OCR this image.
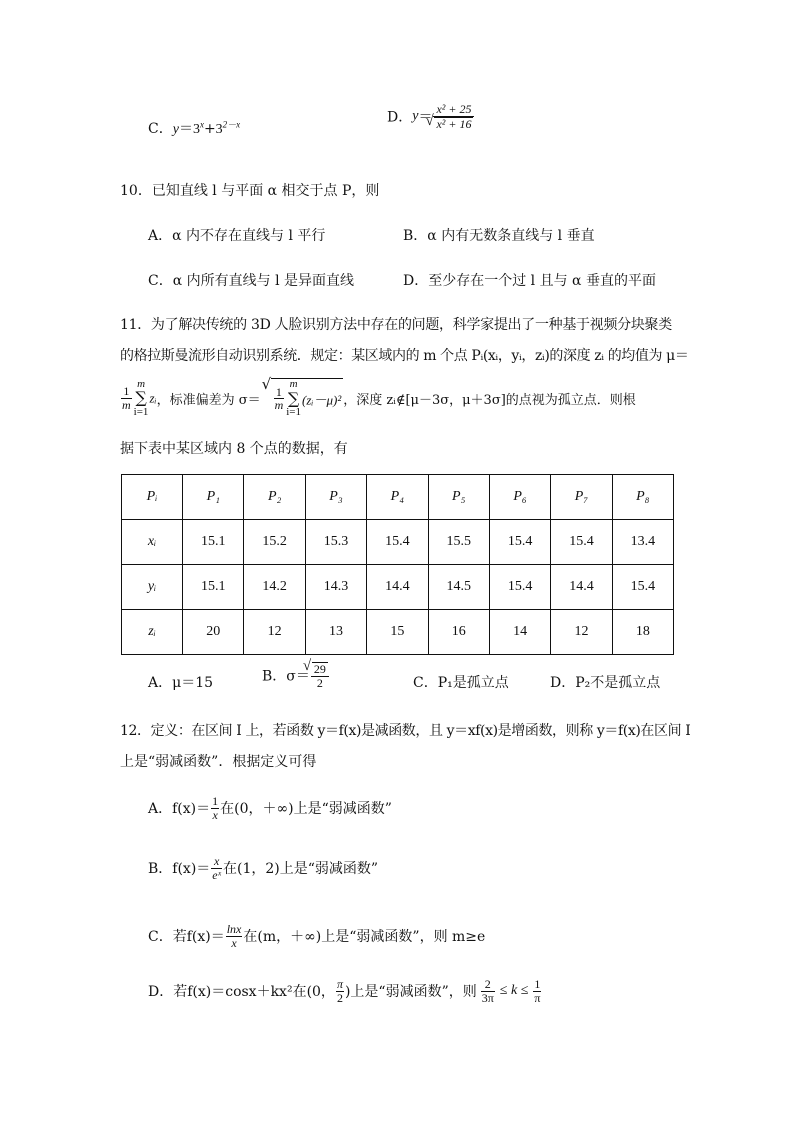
C．$y=3^x+3^{2-x}$	D．y＝ x² + 25
√ x² + 16
10．已知直线 l 与平面 α 相交于点 P，则
A．α 内不存在直线与 l 平行	B．α 内有无数条直线与 l 垂直
C．α 内所有直线与 l 是异面直线	D．至少存在一个过 l 且与 α 垂直的平面
11．为了解决传统的 3D 人脸识别方法中存在的问题，科学家提出了一种基于视频分块聚类
的格拉斯曼流形自动识别系统．规定：某区域内的 m 个点 Pᵢ(xᵢ，yᵢ，zᵢ)的深度 zᵢ 的均值为 μ＝
$\frac{1}{m}$
m
∑
i=1
zᵢ，标准偏差为 σ＝ √ $\frac{1}{m}$
m
∑
i=1
(zᵢ－μ)² ，深度 zᵢ∉[μ－3σ，μ＋3σ]的点视为孤立点．则根
据下表中某区域内 8 个点的数据，有
Pᵢ	P₁	P₂	P₃	P₄	P₅	P₆	P₇	P₈
xᵢ	15.1	15.2	15.3	15.4	15.5	15.4	15.4	13.4
yᵢ	15.1	14.2	14.3	14.4	14.5	15.4	14.4	15.4
zᵢ	20	12	13	15	16	14	12	18
A．μ＝15	B．σ＝ √ $\frac{29}{2}$	C．P₁是孤立点	D．P₂不是孤立点
12．定义：在区间 I 上，若函数 y＝f(x)是减函数，且 y＝xf(x)是增函数，则称 y＝f(x)在区间 I
上是“弱减函数”．根据定义可得
A．$f(x)= \frac{1}{x}$ 在(0，＋∞)上是“弱减函数”
B．$f(x)= \frac{x}{\text{eˣ}}$ 在(1，2)上是“弱减函数”
C．若$f(x)= \frac{\ln x}{x}$ 在(m，＋∞)上是“弱减函数”，则 m≥e
D．若f(x)＝cosx＋kx²在(0， $\frac{\pi}{2}$ )上是“弱减函数”，则 $\frac{2}{3\pi} \le k \le \frac{1}{\pi}$
